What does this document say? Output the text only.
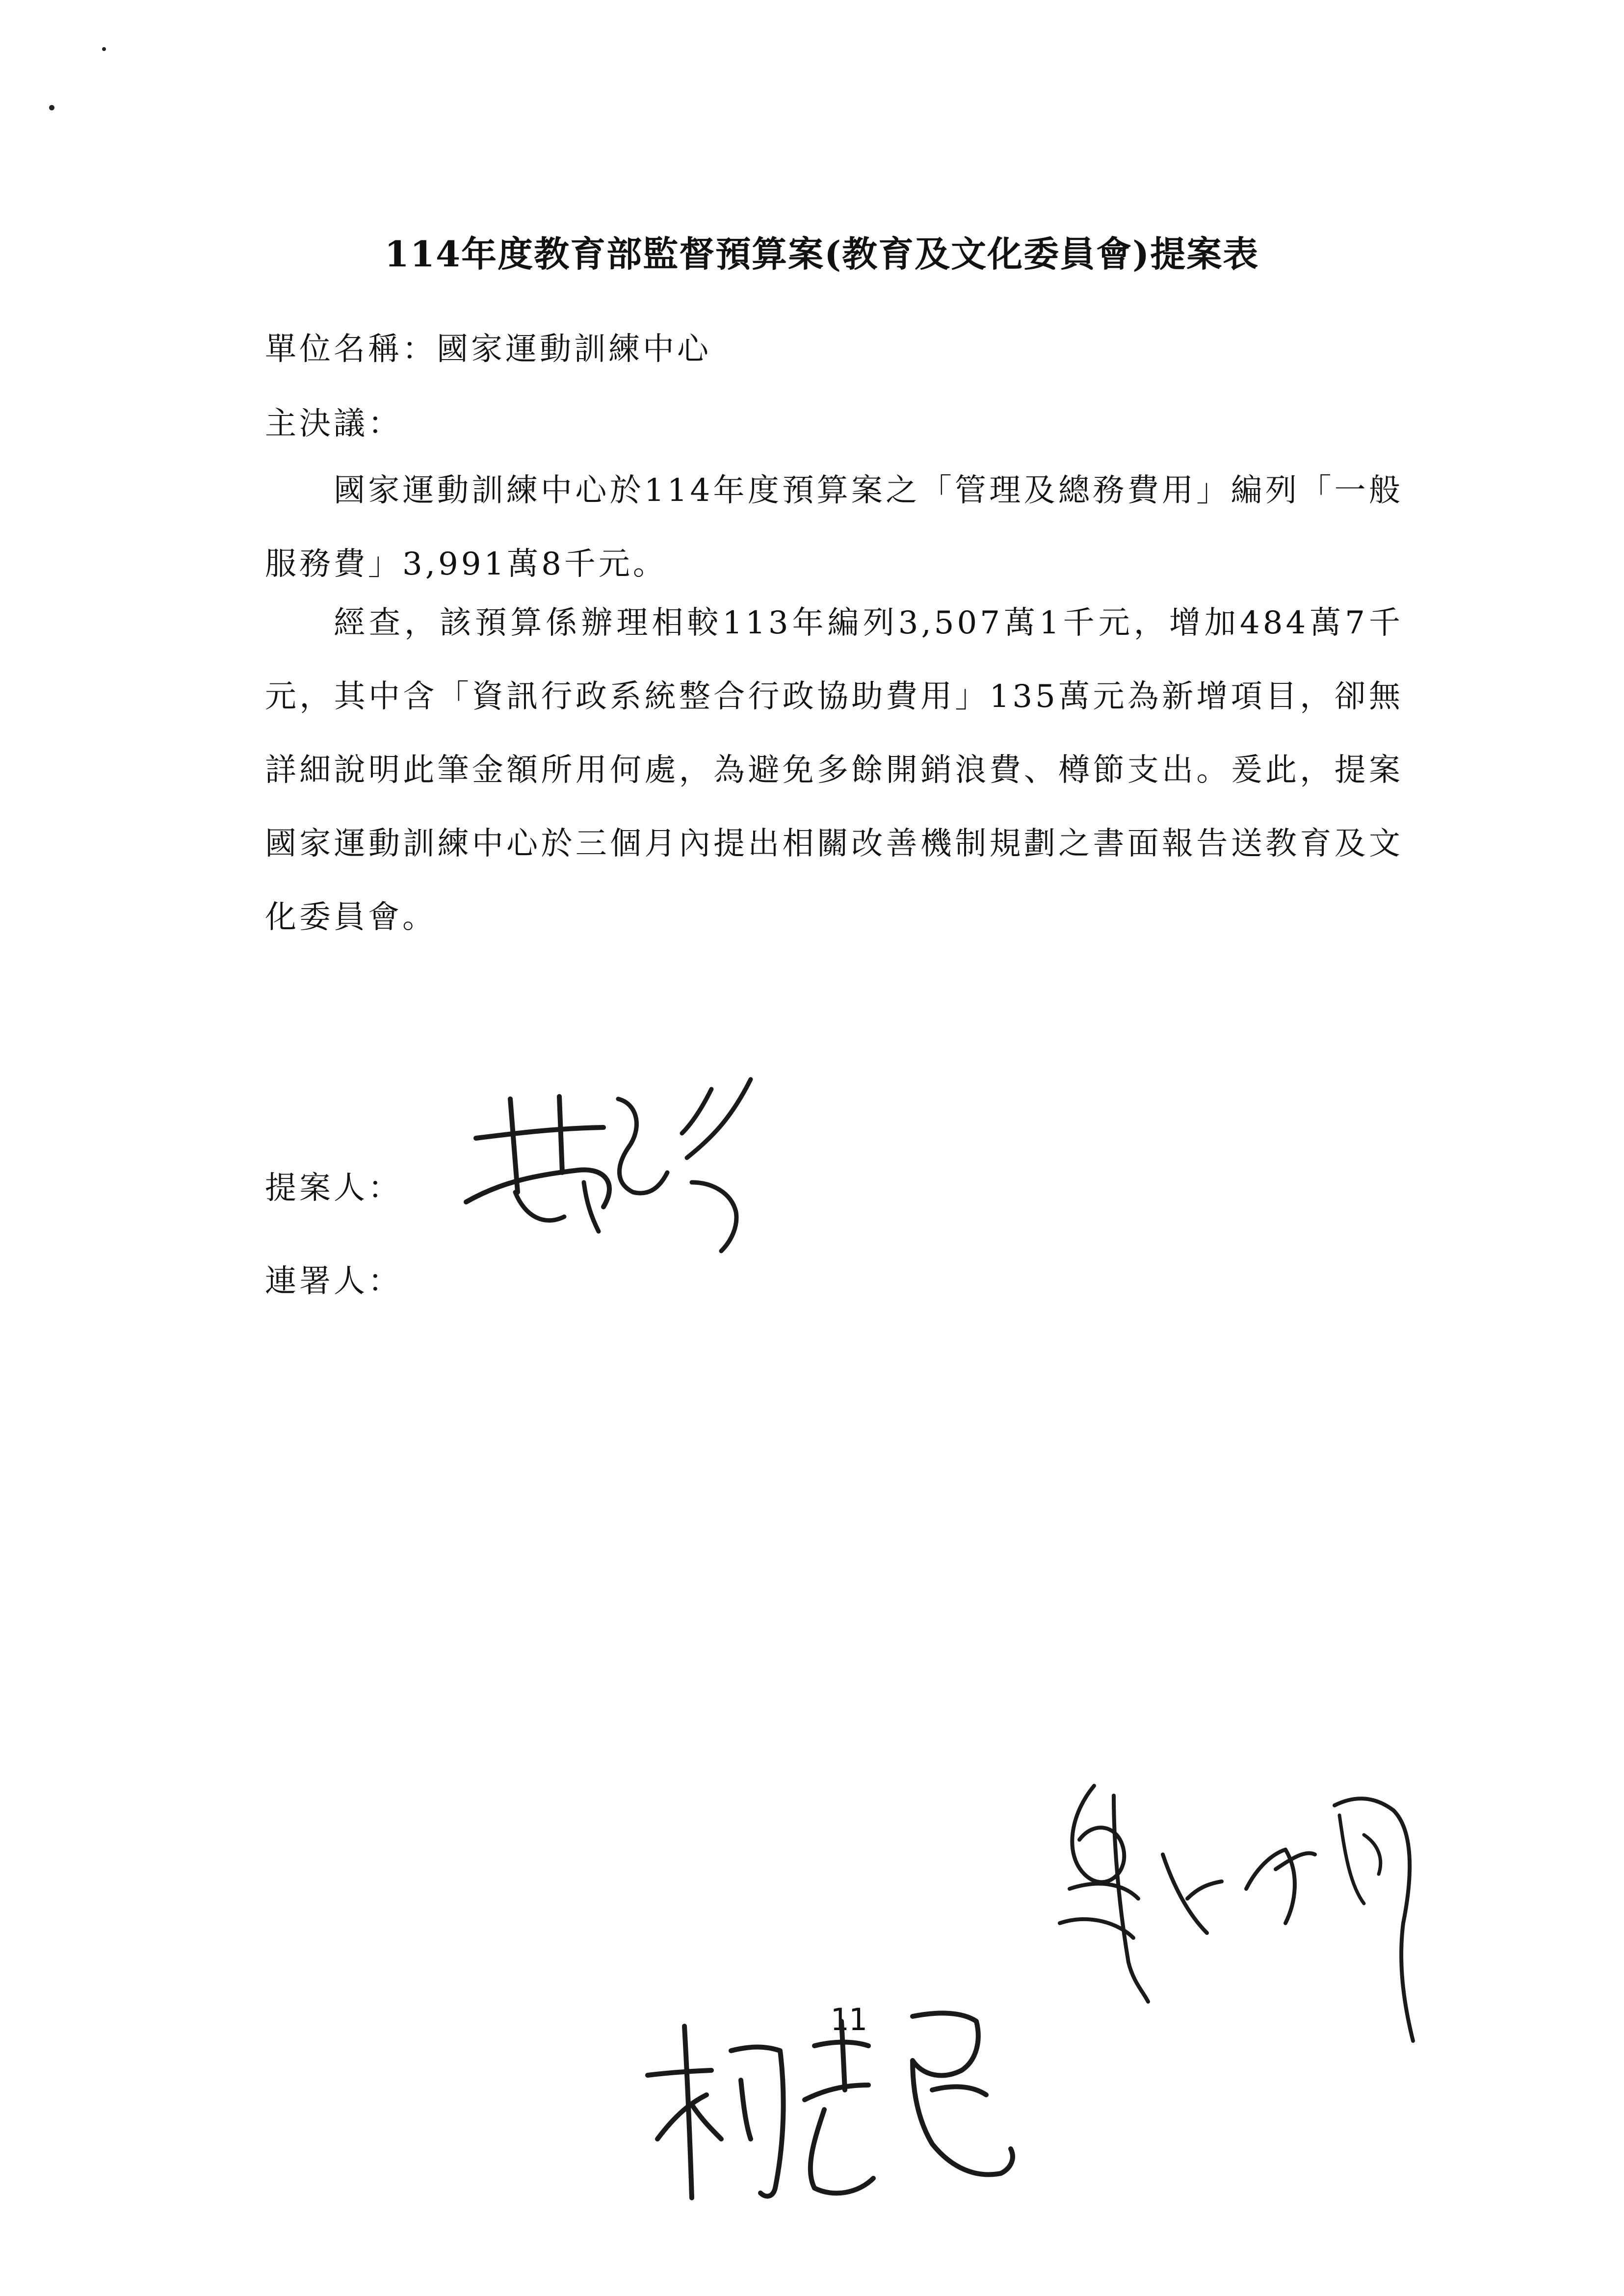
114年度教育部監督預算案(教育及文化委員會)提案表
單位名稱：國家運動訓練中心
主決議：
國家運動訓練中心於114年度預算案之「管理及總務費用」編列「一般服務費」3,991萬8千元。
經查，該預算係辦理相較113年編列3,507萬1千元，增加484萬7千元，其中含「資訊行政系統整合行政協助費用」135萬元為新增項目，卻無詳細說明此筆金額所用何處，為避免多餘開銷浪費、樽節支出。爰此，提案國家運動訓練中心於三個月內提出相關改善機制規劃之書面報告送教育及文化委員會。
提案人：
連署人：
11
